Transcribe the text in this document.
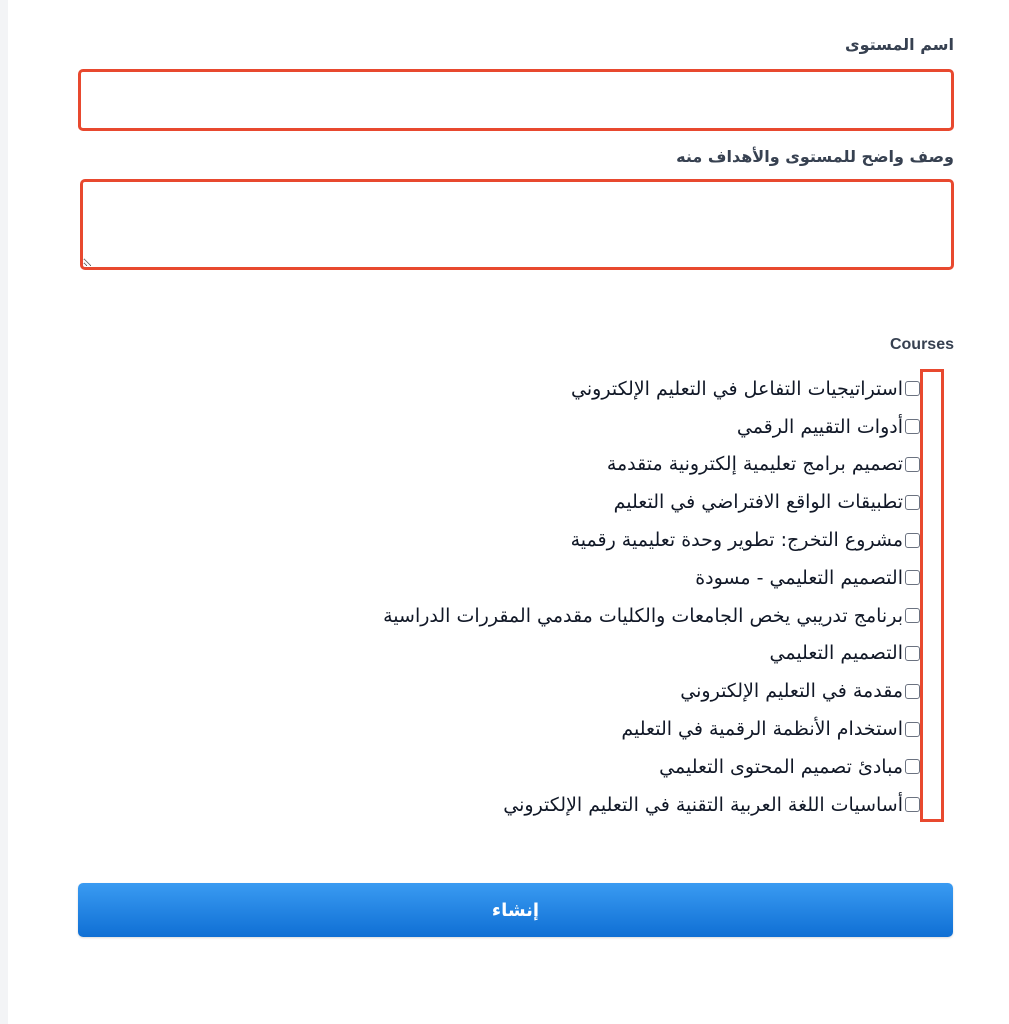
اسم المستوى
وصف واضح للمستوى والأهداف منه
Courses
استراتيجيات التفاعل في التعليم الإلكتروني
أدوات التقييم الرقمي
تصميم برامج تعليمية إلكترونية متقدمة
تطبيقات الواقع الافتراضي في التعليم
مشروع التخرج: تطوير وحدة تعليمية رقمية
التصميم التعليمي - مسودة
برنامج تدريبي يخص الجامعات والكليات مقدمي المقررات الدراسية
التصميم التعليمي
مقدمة في التعليم الإلكتروني
استخدام الأنظمة الرقمية في التعليم
مبادئ تصميم المحتوى التعليمي
أساسيات اللغة العربية التقنية في التعليم الإلكتروني
إنشاء
